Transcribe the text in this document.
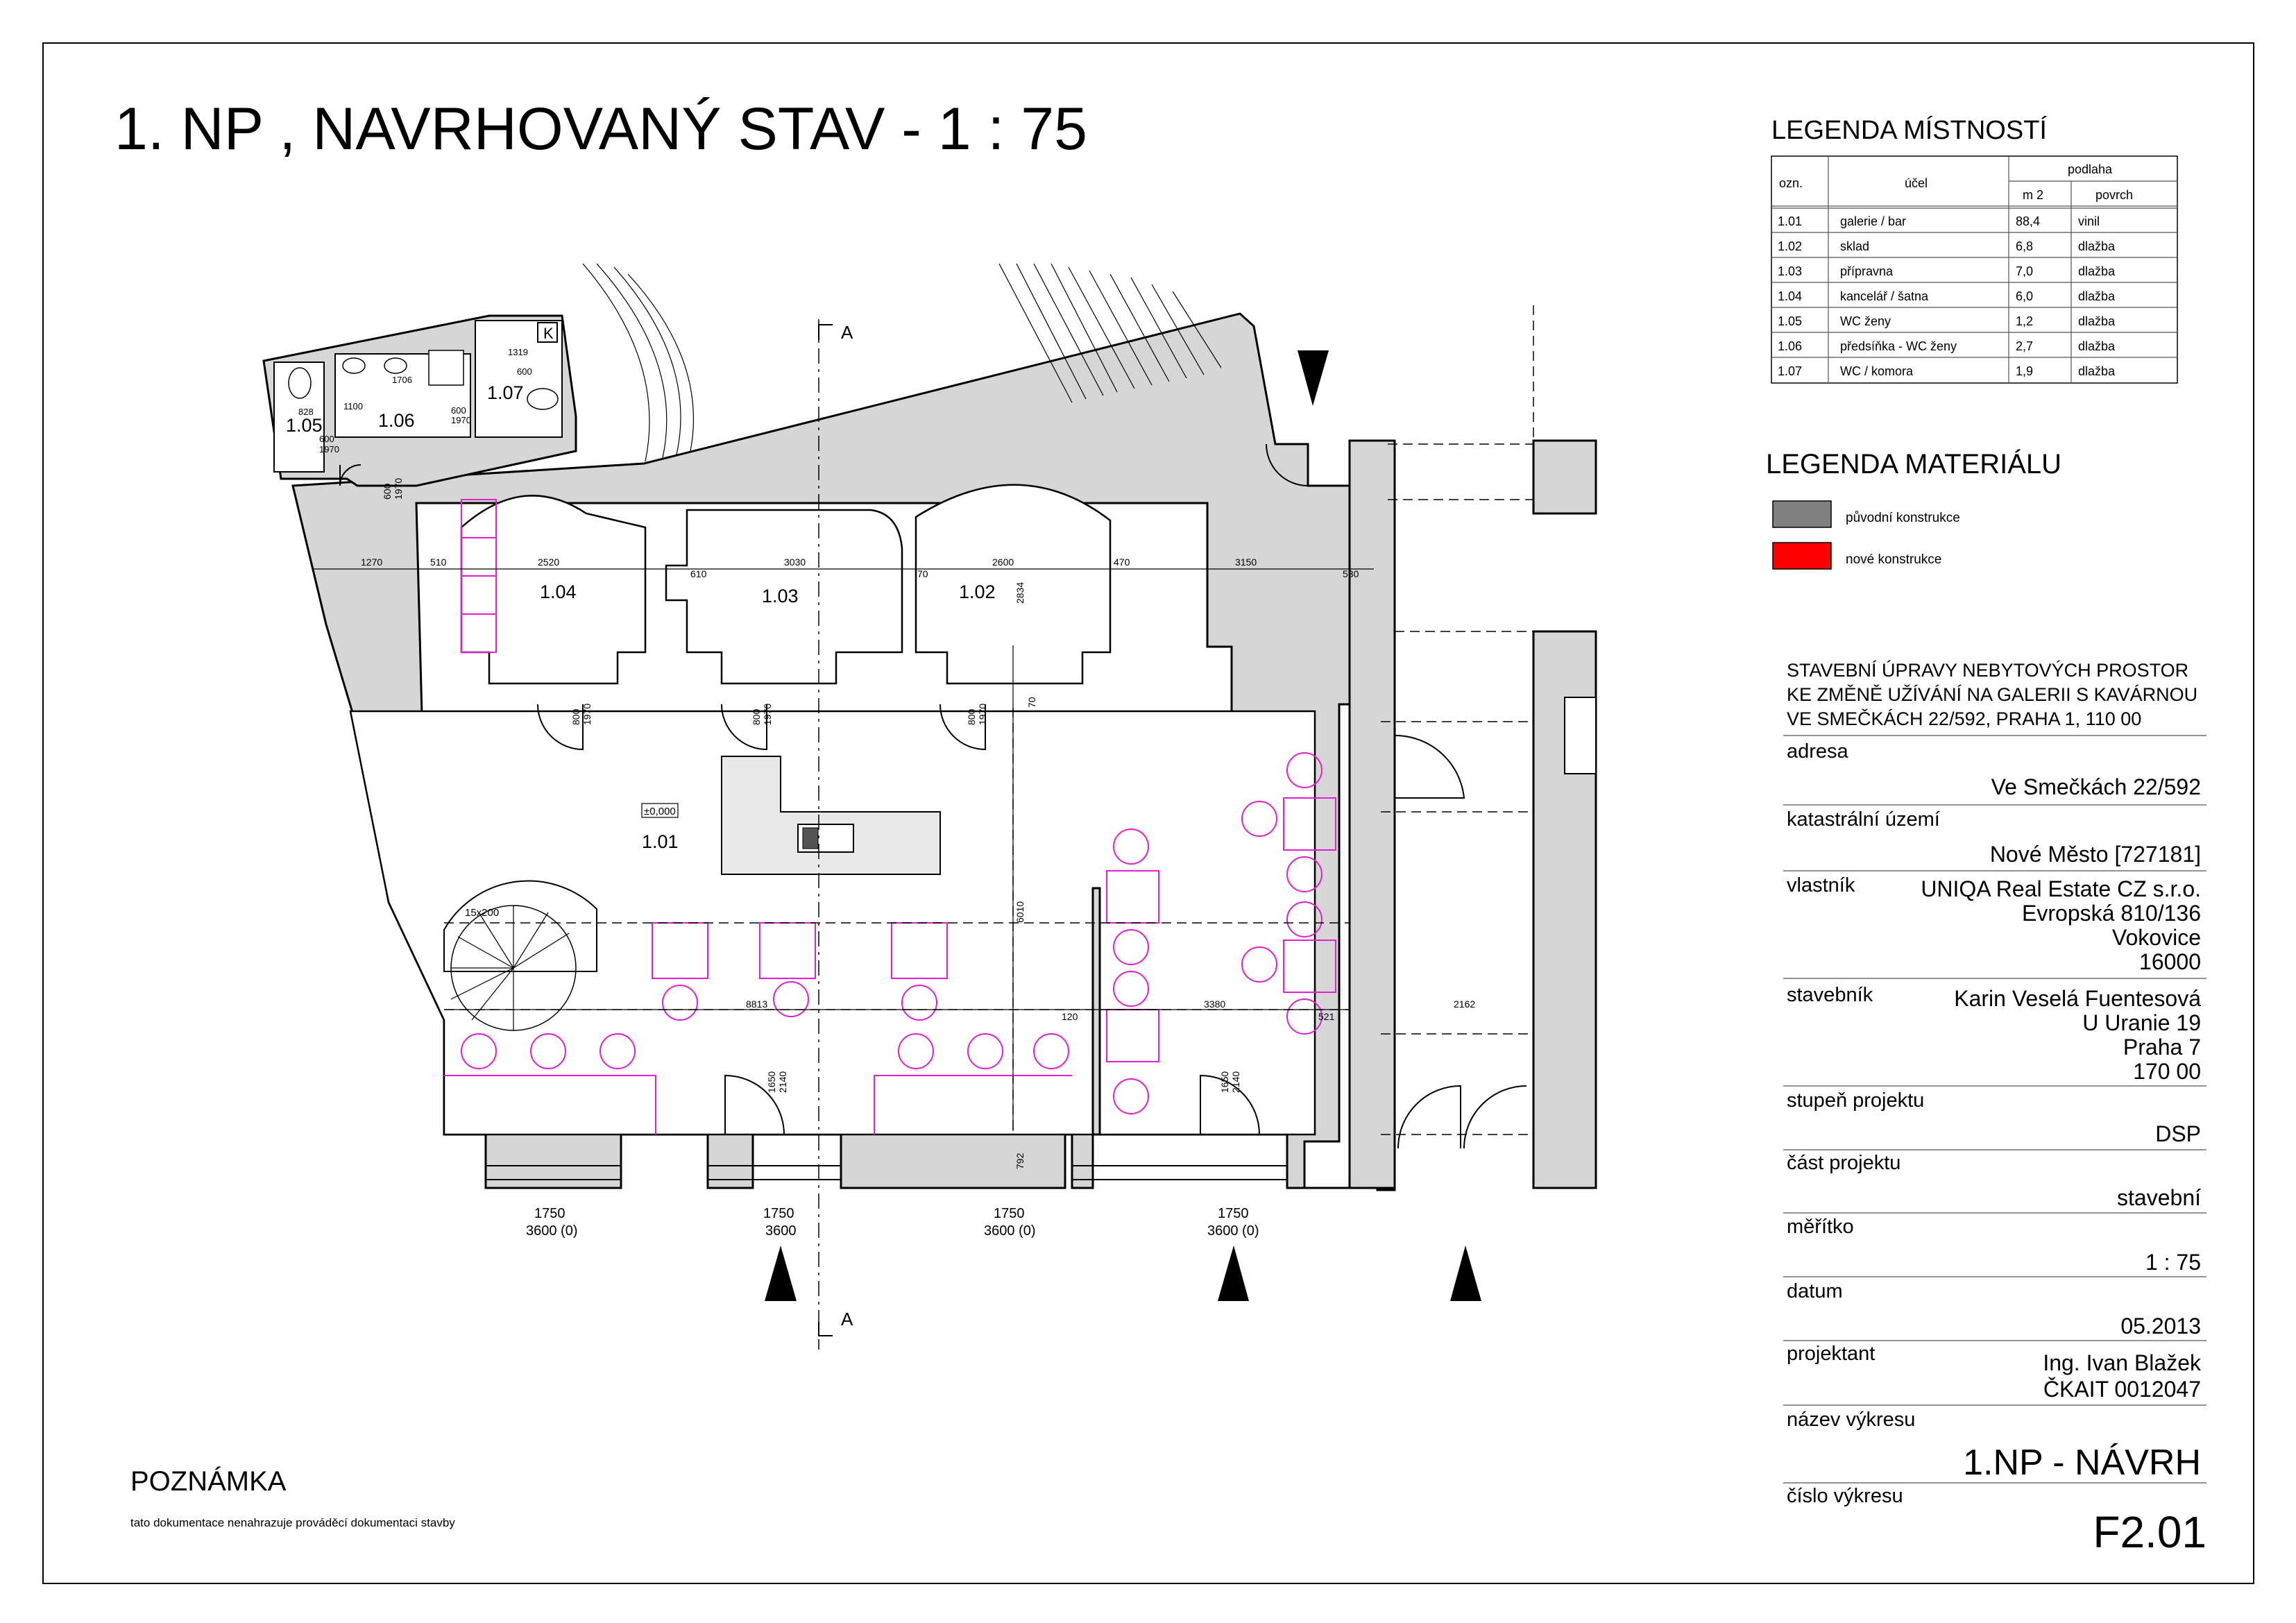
1. NP , NAVRHOVANÝ STAV - 1 : 75
K
15x200
A
A
±0,000
1.01
1.02
1.03
1.04
1.05	1.06
1.07
1270	510	2520
610
3030
70
2600	470	3150
530
8813
120
3380
521
2162
828
1100
1706
600
1319
600
1970
1970
600
2834
6010
70
792
600 1970
800 1970	800 1970	800 1970
1650 2140	1650 2140
1750
3600 (0)
1750
3600
1750
3600 (0)
1750
3600 (0)
LEGENDA MÍSTNOSTÍ
ozn.	účel
podlaha
m 2	povrch
1.01	galerie / bar	88,4	vinil
1.02	sklad	6,8	dlažba
1.03	přípravna	7,0	dlažba
1.04	kancelář / šatna	6,0	dlažba
1.05	WC ženy	1,2	dlažba
1.06	předsíňka - WC ženy	2,7	dlažba
1.07	WC / komora	1,9	dlažba
LEGENDA MATERIÁLU
původní konstrukce
nové konstrukce
STAVEBNÍ ÚPRAVY NEBYTOVÝCH PROSTOR
KE ZMĚNĚ UŽÍVÁNÍ NA GALERII S KAVÁRNOU
VE SMEČKÁCH 22/592, PRAHA 1, 110 00
adresa
Ve Smečkách 22/592
katastrální území
Nové Město [727181]
vlastník	UNIQA Real Estate CZ s.r.o.
Evropská 810/136
Vokovice
16000
stavebník	Karin Veselá Fuentesová
U Uranie 19
Praha 7
170 00
stupeň projektu
DSP
část projektu
stavební
měřítko
1 : 75
datum
05.2013
projektant	Ing. Ivan Blažek
ČKAIT 0012047
název výkresu
1.NP - NÁVRH
číslo výkresu
F2.01
POZNÁMKA
tato dokumentace nenahrazuje prováděcí dokumentaci stavby
